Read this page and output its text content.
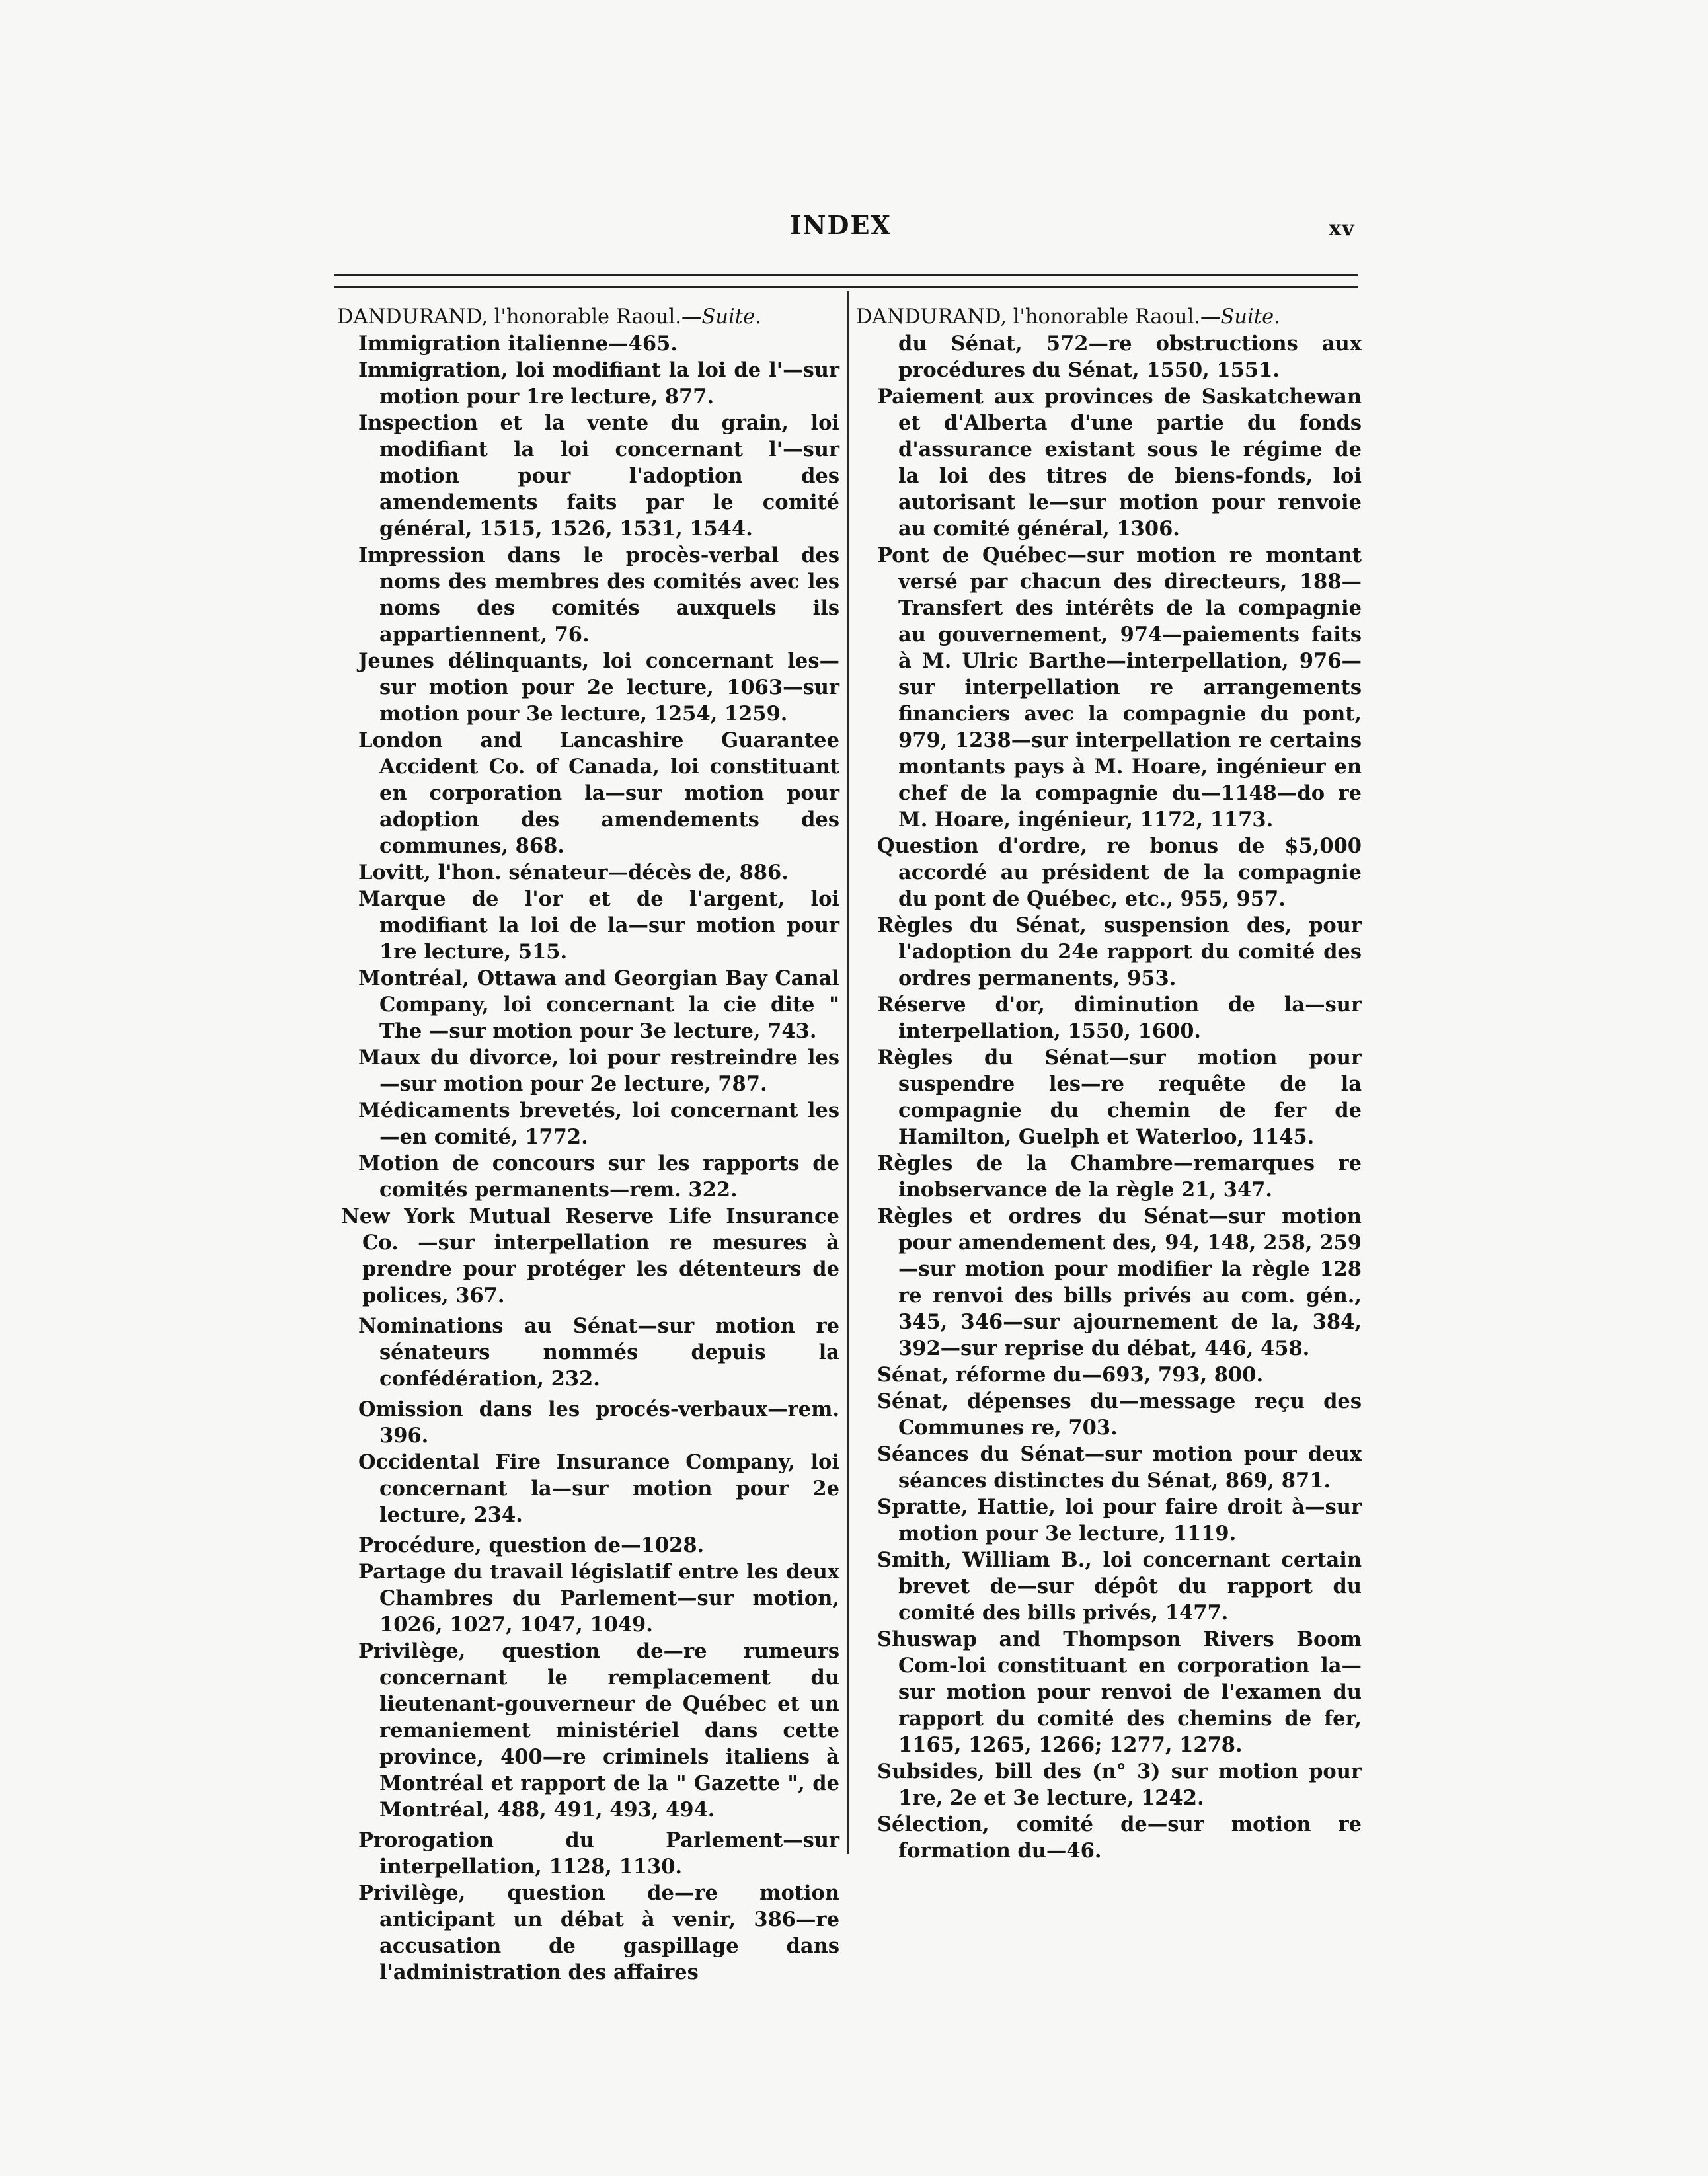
INDEX	xv
DANDURAND, l'honorable Raoul.—Suite.
Immigration italienne—465.
Immigration, loi modifiant la loi de l'—sur motion pour 1re lecture, 877.
Inspection et la vente du grain, loi modifiant la loi concernant l'—sur motion pour l'adoption des amendements faits par le comité général, 1515, 1526, 1531, 1544.
Impression dans le procès-verbal des noms des membres des comités avec les noms des comités auxquels ils appartiennent, 76.
Jeunes délinquants, loi concernant les—sur motion pour 2e lecture, 1063—sur motion pour 3e lecture, 1254, 1259.
London and Lancashire Guarantee Accident Co. of Canada, loi constituant en corporation la—sur motion pour adoption des amendements des communes, 868.
Lovitt, l'hon. sénateur—décès de, 886.
Marque de l'or et de l'argent, loi modifiant la loi de la—sur motion pour 1re lecture, 515.
Montréal, Ottawa and Georgian Bay Canal Company, loi concernant la cie dite " The —sur motion pour 3e lecture, 743.
Maux du divorce, loi pour restreindre les—sur motion pour 2e lecture, 787.
Médicaments brevetés, loi concernant les—en comité, 1772.
Motion de concours sur les rapports de comités permanents—rem. 322.
New York Mutual Reserve Life Insurance Co. —sur interpellation re mesures à prendre pour protéger les détenteurs de polices, 367.
Nominations au Sénat—sur motion re sénateurs nommés depuis la confédération, 232.
Omission dans les procés-verbaux—rem. 396.
Occidental Fire Insurance Company, loi concernant la—sur motion pour 2e lecture, 234.
Procédure, question de—1028.
Partage du travail législatif entre les deux Chambres du Parlement—sur motion, 1026, 1027, 1047, 1049.
Privilège, question de—re rumeurs concernant le remplacement du lieutenant-gouverneur de Québec et un remaniement ministériel dans cette province, 400—re criminels italiens à Montréal et rapport de la " Gazette ", de Montréal, 488, 491, 493, 494.
Prorogation du Parlement—sur interpellation, 1128, 1130.
Privilège, question de—re motion anticipant un débat à venir, 386—re accusation de gaspillage dans l'administration des affaires
DANDURAND, l'honorable Raoul.—Suite.
du Sénat, 572—re obstructions aux procédures du Sénat, 1550, 1551.
Paiement aux provinces de Saskatchewan et d'Alberta d'une partie du fonds d'assurance existant sous le régime de la loi des titres de biens-fonds, loi autorisant le—sur motion pour renvoie au comité général, 1306.
Pont de Québec—sur motion re montant versé par chacun des directeurs, 188—Transfert des intérêts de la compagnie au gouvernement, 974—paiements faits à M. Ulric Barthe—interpellation, 976—sur interpellation re arrangements financiers avec la compagnie du pont, 979, 1238—sur interpellation re certains montants pays à M. Hoare, ingénieur en chef de la compagnie du—1148—do re M. Hoare, ingénieur, 1172, 1173.
Question d'ordre, re bonus de $5,000 accordé au président de la compagnie du pont de Québec, etc., 955, 957.
Règles du Sénat, suspension des, pour l'adoption du 24e rapport du comité des ordres permanents, 953.
Réserve d'or, diminution de la—sur interpellation, 1550, 1600.
Règles du Sénat—sur motion pour suspendre les—re requête de la compagnie du chemin de fer de Hamilton, Guelph et Waterloo, 1145.
Règles de la Chambre—remarques re inobservance de la règle 21, 347.
Règles et ordres du Sénat—sur motion pour amendement des, 94, 148, 258, 259—sur motion pour modifier la règle 128 re renvoi des bills privés au com. gén., 345, 346—sur ajournement de la, 384, 392—sur reprise du débat, 446, 458.
Sénat, réforme du—693, 793, 800.
Sénat, dépenses du—message reçu des Communes re, 703.
Séances du Sénat—sur motion pour deux séances distinctes du Sénat, 869, 871.
Spratte, Hattie, loi pour faire droit à—sur motion pour 3e lecture, 1119.
Smith, William B., loi concernant certain brevet de—sur dépôt du rapport du comité des bills privés, 1477.
Shuswap and Thompson Rivers Boom Com-loi constituant en corporation la—sur motion pour renvoi de l'examen du rapport du comité des chemins de fer, 1165, 1265, 1266; 1277, 1278.
Subsides, bill des (n° 3) sur motion pour 1re, 2e et 3e lecture, 1242.
Sélection, comité de—sur motion re formation du—46.
